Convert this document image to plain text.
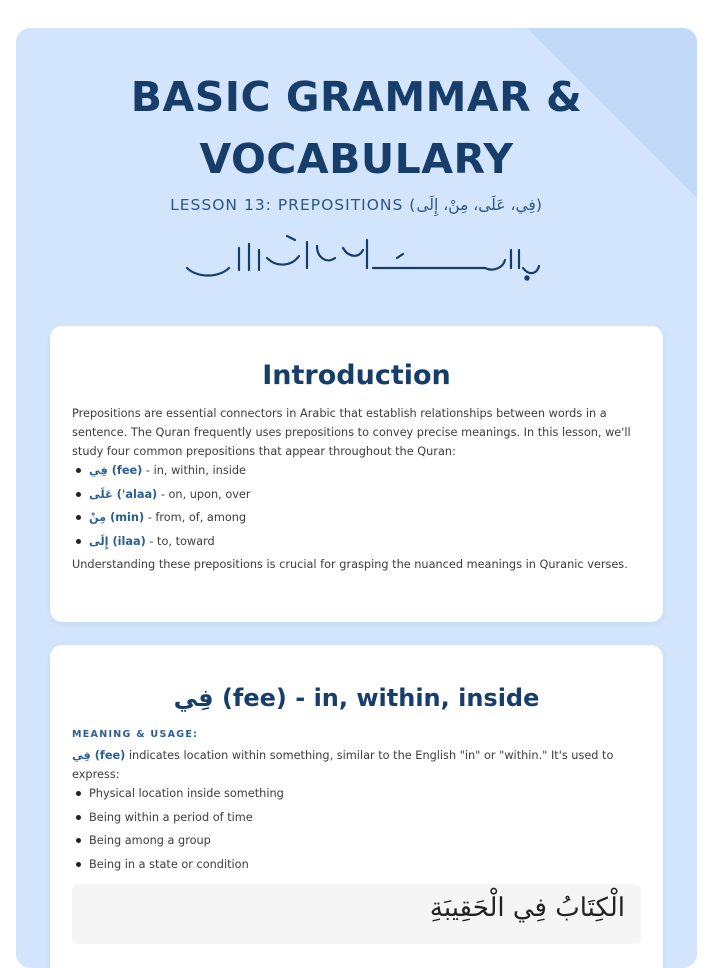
BASIC GRAMMAR &
VOCABULARY
LESSON 13: PREPOSITIONS (فِي، عَلَى، مِنْ، إِلَى)
Introduction

Prepositions are essential connectors in Arabic that establish relationships between words in a sentence. The Quran frequently uses prepositions to convey precise meanings. In this lesson, we'll study four common prepositions that appear throughout the Quran:

فِي (fee) - in, within, inside
عَلَى ('alaa) - on, upon, over
مِنْ (min) - from, of, among
إِلَى (ilaa) - to, toward

Understanding these prepositions is crucial for grasping the nuanced meanings in Quranic verses.

فِي (fee) - in, within, inside
MEANING & USAGE:

فِي (fee) indicates location within something, similar to the English "in" or "within." It's used to express:

Physical location inside something
Being within a period of time
Being among a group
Being in a state or condition
الْكِتَابُ فِي الْحَقِيبَةِ
